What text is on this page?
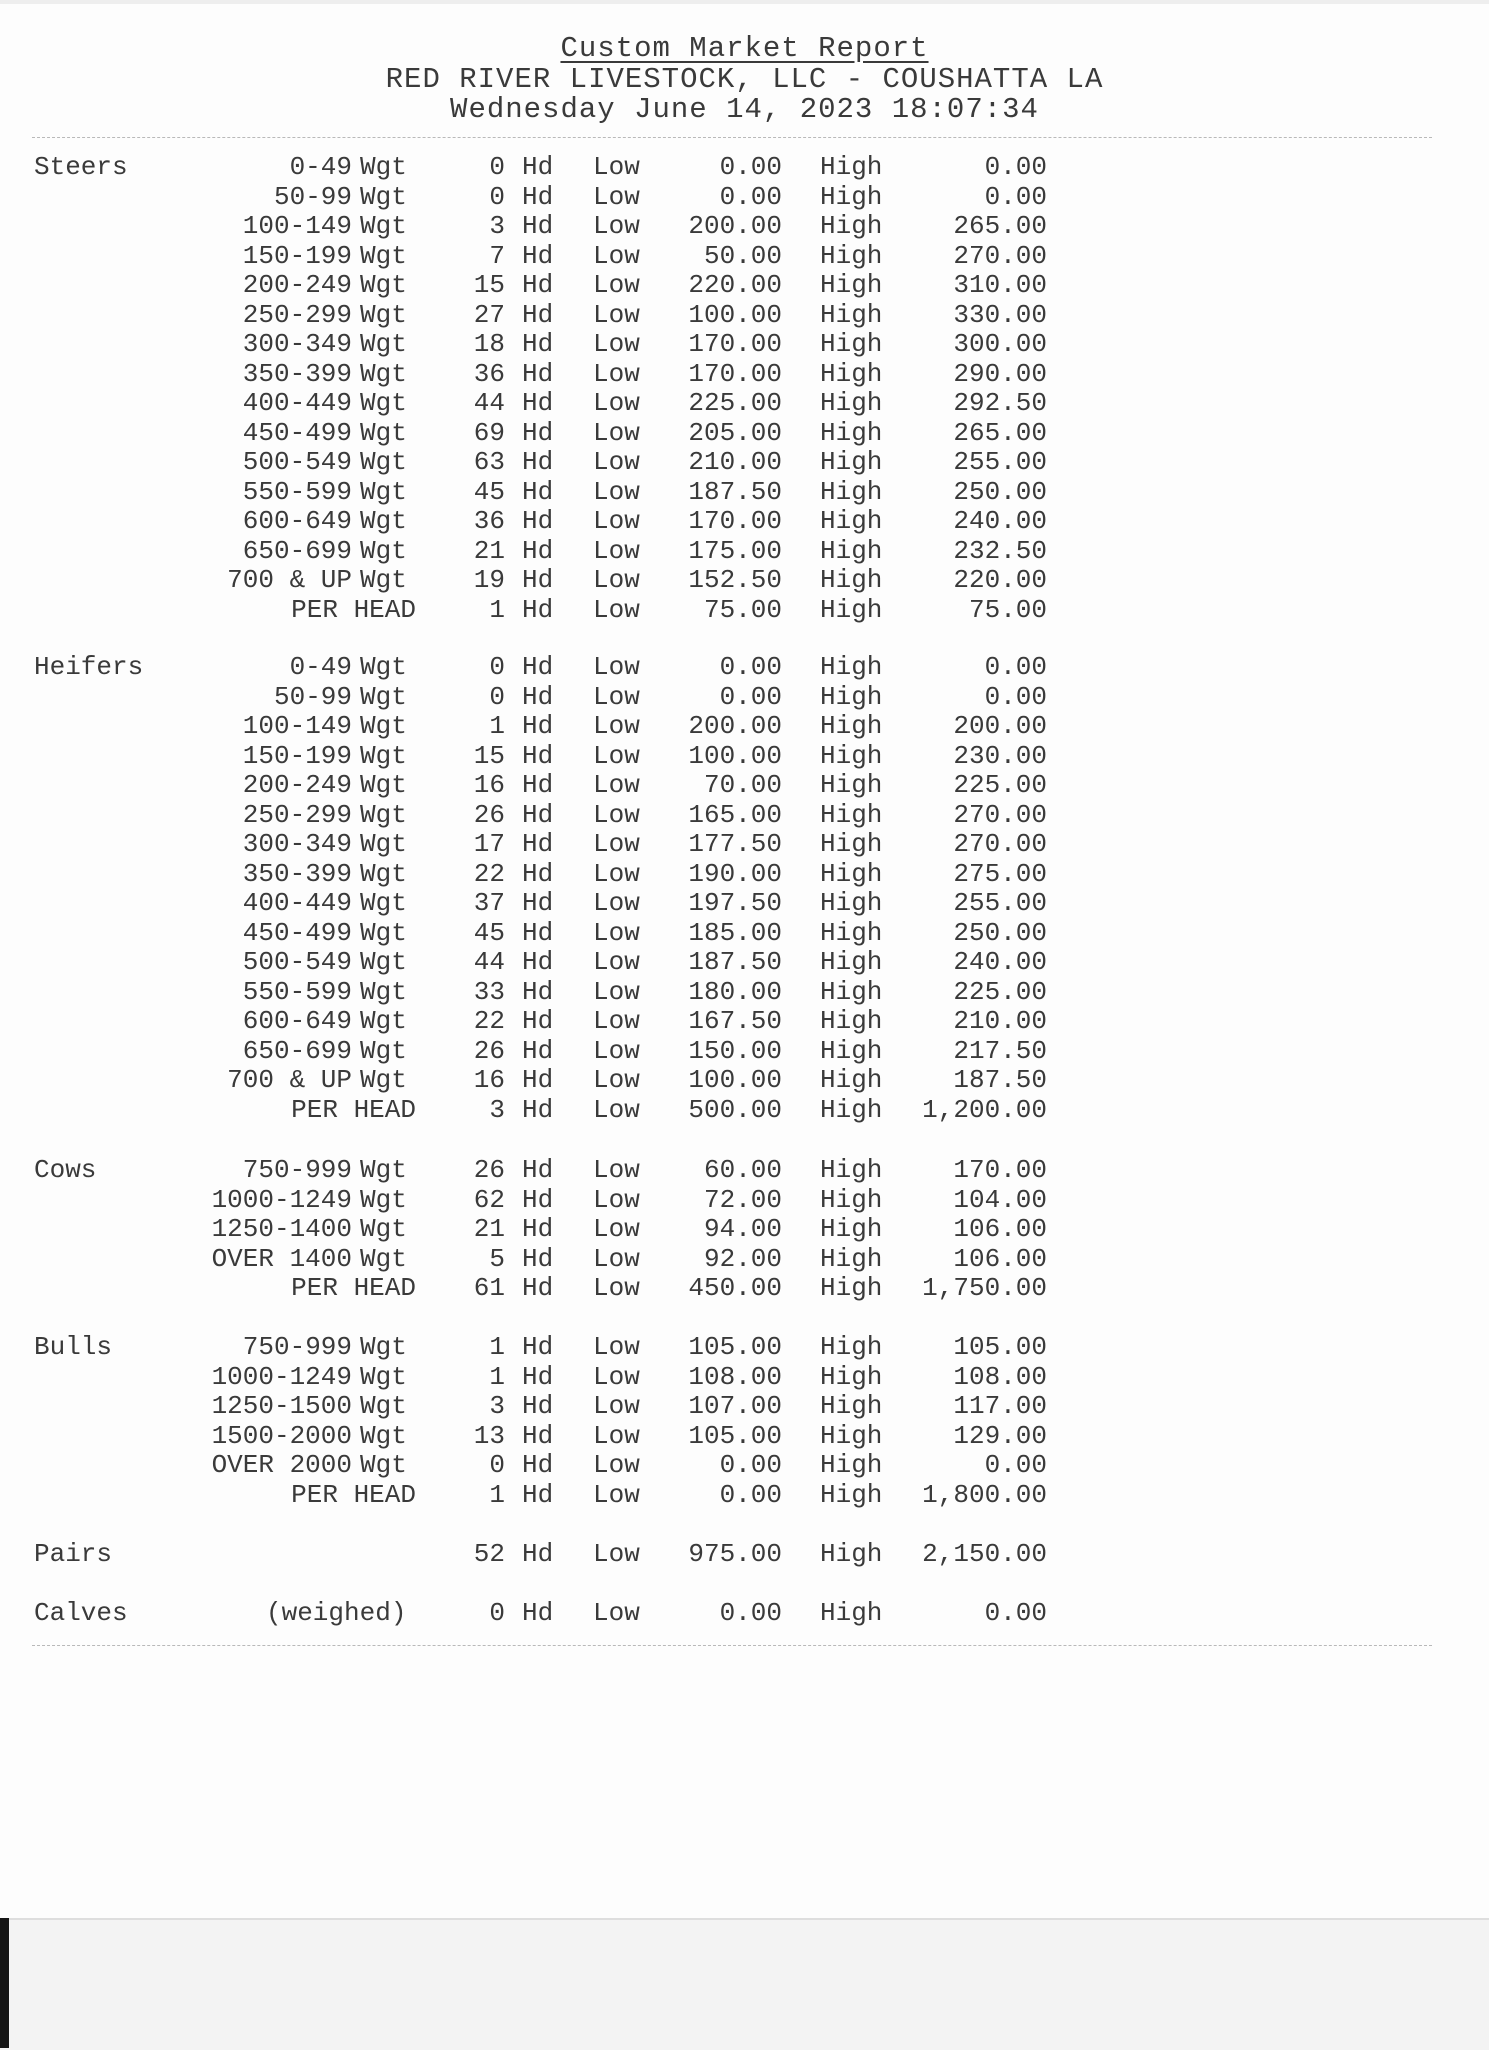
Custom Market Report
RED RIVER LIVESTOCK, LLC - COUSHATTA LA
Wednesday June 14, 2023 18:07:34
Steers	0-49 Wgt	0 Hd Low	0.00 High	0.00
50-99 Wgt	0 Hd Low	0.00 High	0.00
100-149 Wgt	3 Hd Low 200.00 High	265.00
150-199 Wgt	7 Hd Low 50.00 High	270.00
200-249 Wgt	15 Hd Low 220.00 High	310.00
250-299 Wgt	27 Hd Low 100.00 High	330.00
300-349 Wgt	18 Hd Low 170.00 High	300.00
350-399 Wgt	36 Hd Low 170.00 High	290.00
400-449 Wgt	44 Hd Low 225.00 High	292.50
450-499 Wgt	69 Hd Low 205.00 High	265.00
500-549 Wgt	63 Hd Low 210.00 High	255.00
550-599 Wgt	45 Hd Low 187.50 High	250.00
600-649 Wgt	36 Hd Low 170.00 High	240.00
650-699 Wgt	21 Hd Low 175.00 High	232.50
700 & UP Wgt	19 Hd Low 152.50 High	220.00
PER HEAD	1 Hd Low 75.00 High	75.00
Heifers	0-49 Wgt	0 Hd Low	0.00 High	0.00
50-99 Wgt	0 Hd Low	0.00 High	0.00
100-149 Wgt	1 Hd Low 200.00 High	200.00
150-199 Wgt	15 Hd Low 100.00 High	230.00
200-249 Wgt	16 Hd Low 70.00 High	225.00
250-299 Wgt	26 Hd Low 165.00 High	270.00
300-349 Wgt	17 Hd Low 177.50 High	270.00
350-399 Wgt	22 Hd Low 190.00 High	275.00
400-449 Wgt	37 Hd Low 197.50 High	255.00
450-499 Wgt	45 Hd Low 185.00 High	250.00
500-549 Wgt	44 Hd Low 187.50 High	240.00
550-599 Wgt	33 Hd Low 180.00 High	225.00
600-649 Wgt	22 Hd Low 167.50 High	210.00
650-699 Wgt	26 Hd Low 150.00 High	217.50
700 & UP Wgt	16 Hd Low 100.00 High	187.50
PER HEAD	3 Hd Low 500.00 High 1,200.00
Cows	750-999 Wgt	26 Hd Low 60.00 High	170.00
1000-1249 Wgt	62 Hd Low 72.00 High	104.00
1250-1400 Wgt	21 Hd Low 94.00 High	106.00
OVER 1400 Wgt	5 Hd Low 92.00 High	106.00
PER HEAD 61 Hd Low 450.00 High 1,750.00
Bulls	750-999 Wgt	1 Hd Low 105.00 High	105.00
1000-1249 Wgt	1 Hd Low 108.00 High	108.00
1250-1500 Wgt	3 Hd Low 107.00 High	117.00
1500-2000 Wgt	13 Hd Low 105.00 High	129.00
OVER 2000 Wgt	0 Hd Low	0.00 High	0.00
PER HEAD	1 Hd Low	0.00 High 1,800.00
Pairs	52 Hd Low 975.00 High 2,150.00
Calves	(weighed)	0 Hd Low	0.00 High	0.00
